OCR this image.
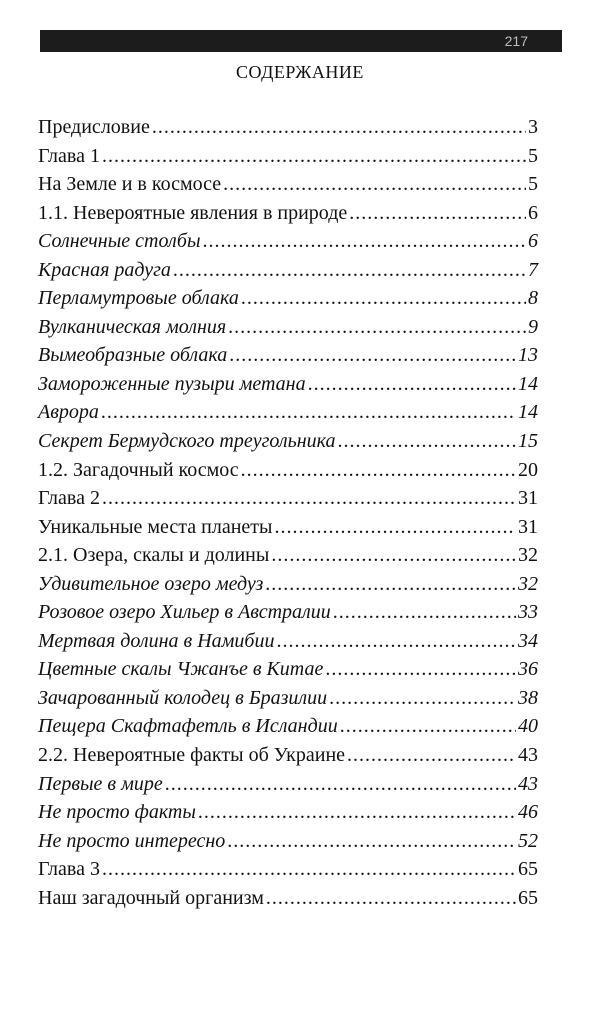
217
СОДЕРЖАНИЕ
Предисловие .....	3
Глава 1 .....	5
На Земле и в космосе .....	5
1.1. Невероятные явления в природе .....	6
Солнечные столбы .....	6
Красная радуга .....	7
Перламутровые облака .....	8
Вулканическая молния .....	9
Вымеобразные облака .....	13
Замороженные пузыри метана .....	14
Аврора .....	14
Секрет Бермудского треугольника .....	15
1.2. Загадочный космос .....	20
Глава 2 .....	31
Уникальные места планеты .....	31
2.1. Озера, скалы и долины .....	32
Удивительное озеро медуз .....	32
Розовое озеро Хильер в Австралии .....	33
Мертвая долина в Намибии .....	34
Цветные скалы Чжанъе в Китае .....	36
Зачарованный колодец в Бразилии .....	38
Пещера Скафтафетль в Исландии .....	40
2.2. Невероятные факты об Украине .....	43
Первые в мире .....	43
Не просто факты .....	46
Не просто интересно .....	52
Глава 3 .....	65
Наш загадочный организм .....	65
